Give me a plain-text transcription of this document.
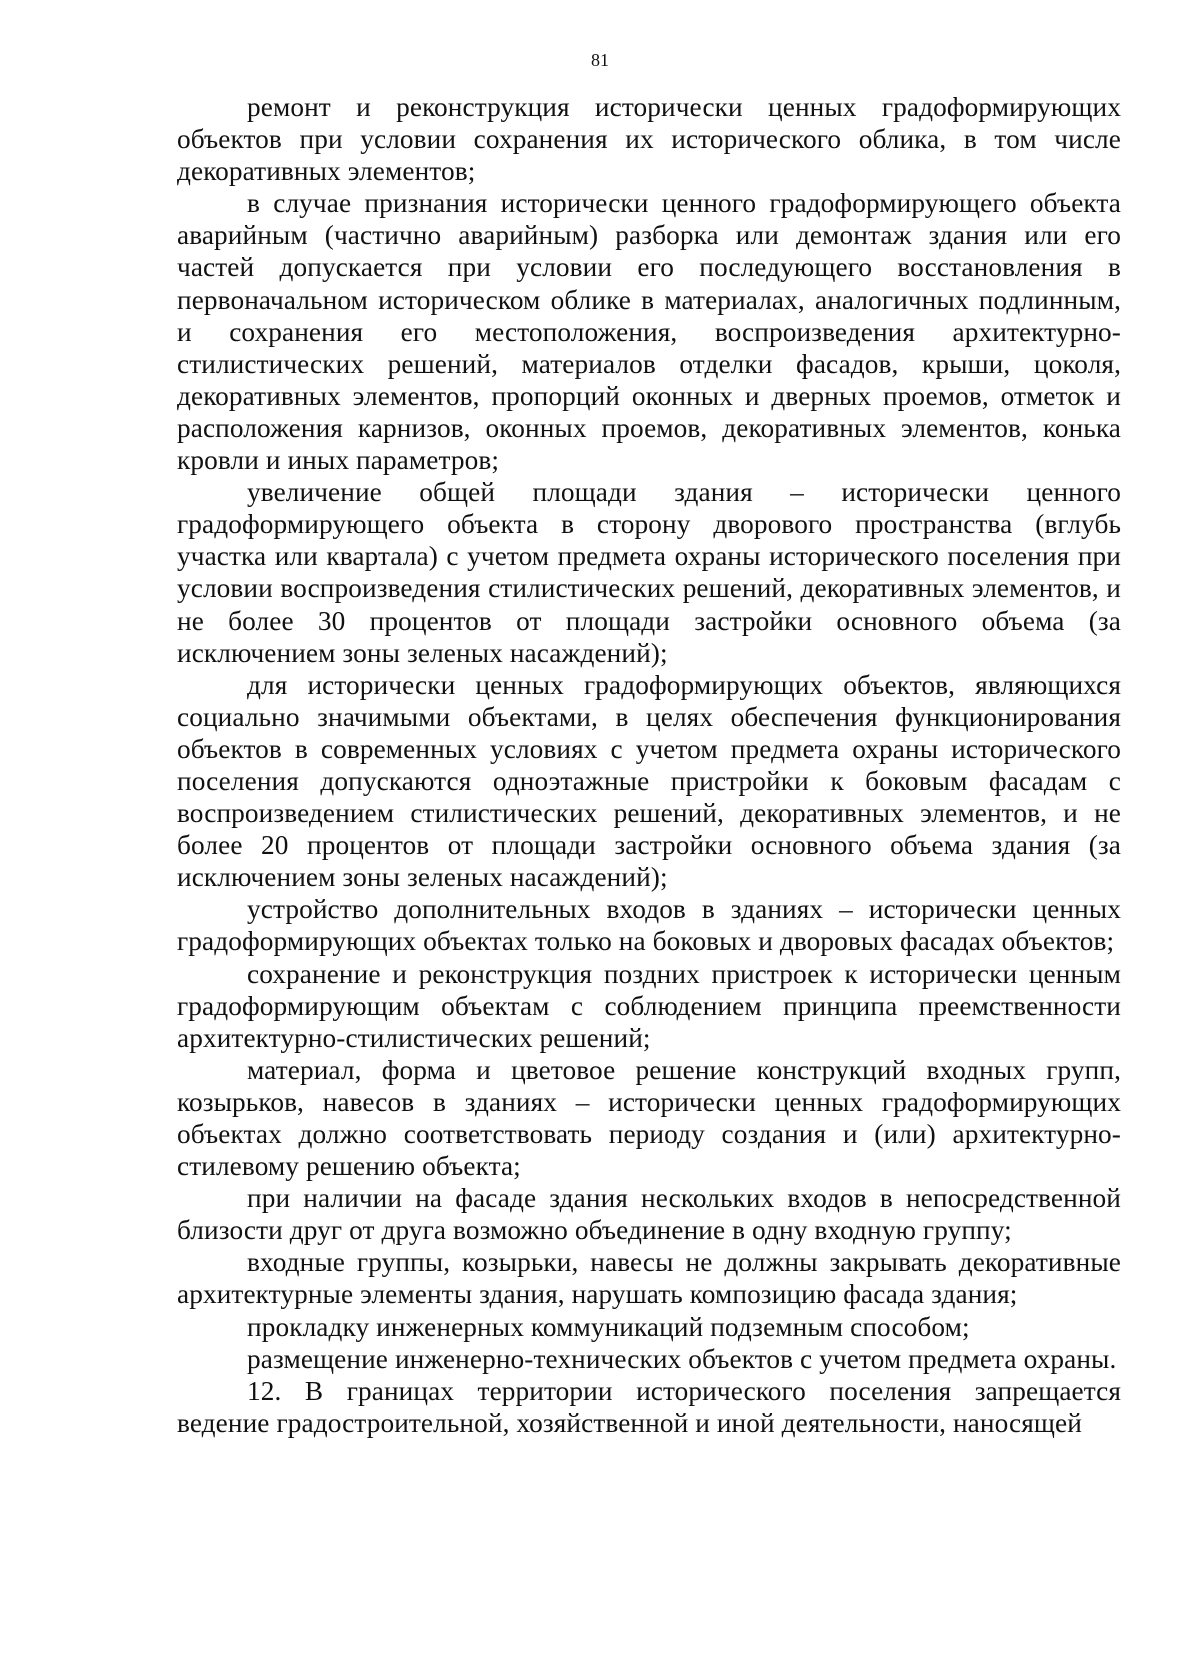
81

ремонт и реконструкция исторически ценных градоформирующих объектов при условии сохранения их исторического облика, в том числе декоративных элементов;

в случае признания исторически ценного градоформирующего объекта аварийным (частично аварийным) разборка или демонтаж здания или его частей допускается при условии его последующего восстановления в первоначальном историческом облике в материалах, аналогичных подлинным, и сохранения его местоположения, воспроизведения архитектурно-стилистических решений, материалов отделки фасадов, крыши, цоколя, декоративных элементов, пропорций оконных и дверных проемов, отметок и расположения карнизов, оконных проемов, декоративных элементов, конька кровли и иных параметров;

увеличение общей площади здания – исторически ценного градоформирующего объекта в сторону дворового пространства (вглубь участка или квартала) с учетом предмета охраны исторического поселения при условии воспроизведения стилистических решений, декоративных элементов, и не более 30 процентов от площади застройки основного объема (за исключением зоны зеленых насаждений);

для исторически ценных градоформирующих объектов, являющихся социально значимыми объектами, в целях обеспечения функционирования объектов в современных условиях с учетом предмета охраны исторического поселения допускаются одноэтажные пристройки к боковым фасадам с воспроизведением стилистических решений, декоративных элементов, и не более 20 процентов от площади застройки основного объема здания (за исключением зоны зеленых насаждений);

устройство дополнительных входов в зданиях – исторически ценных градоформирующих объектах только на боковых и дворовых фасадах объектов;

сохранение и реконструкция поздних пристроек к исторически ценным градоформирующим объектам с соблюдением принципа преемственности архитектурно-стилистических решений;

материал, форма и цветовое решение конструкций входных групп, козырьков, навесов в зданиях – исторически ценных градоформирующих объектах должно соответствовать периоду создания и (или) архитектурно-стилевому решению объекта;

при наличии на фасаде здания нескольких входов в непосредственной близости друг от друга возможно объединение в одну входную группу;

входные группы, козырьки, навесы не должны закрывать декоративные архитектурные элементы здания, нарушать композицию фасада здания;

прокладку инженерных коммуникаций подземным способом;

размещение инженерно-технических объектов с учетом предмета охраны.

12. В границах территории исторического поселения запрещается ведение градостроительной, хозяйственной и иной деятельности, наносящей
